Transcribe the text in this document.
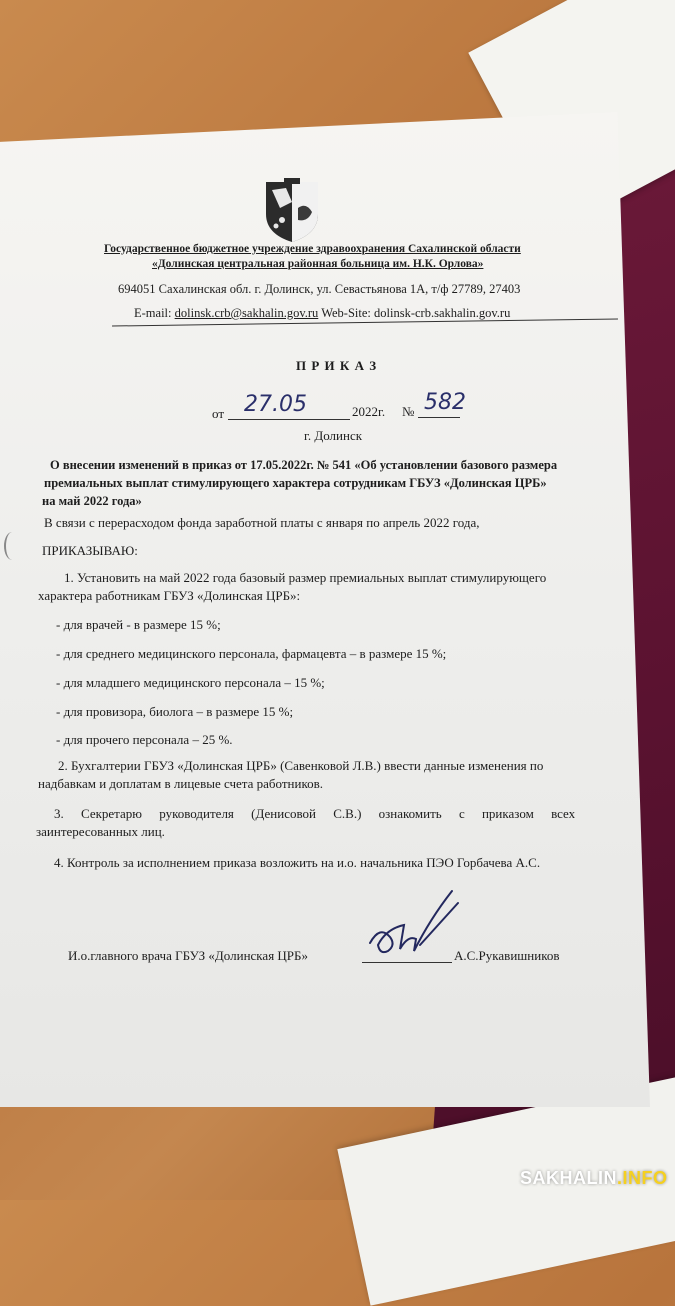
Государственное бюджетное учреждение здравоохранения Сахалинской области
«Долинская центральная районная больница им. Н.К. Орлова»
694051 Сахалинская обл. г. Долинск, ул. Севастьянова 1А, т/ф 27789, 27403
E-mail: dolinsk.crb@sakhalin.gov.ru Web-Site: dolinsk-crb.sakhalin.gov.ru
П Р И К А З
от 27.05	2022г. № 582
г. Долинск
О внесении изменений в приказ от 17.05.2022г. № 541 «Об установлении базового размера
премиальных выплат стимулирующего характера сотрудникам ГБУЗ «Долинская ЦРБ»
на май 2022 года»
В связи с перерасходом фонда заработной платы с января по апрель 2022 года,
ПРИКАЗЫВАЮ:
1. Установить на май 2022 года базовый размер премиальных выплат стимулирующего
характера работникам ГБУЗ «Долинская ЦРБ»:
- для врачей - в размере 15 %;
- для среднего медицинского персонала, фармацевта – в размере 15 %;
- для младшего медицинского персонала – 15 %;
- для провизора, биолога – в размере 15 %;
- для прочего персонала – 25 %.
2. Бухгалтерии ГБУЗ «Долинская ЦРБ» (Савенковой Л.В.) ввести данные изменения по
надбавкам и доплатам в лицевые счета работников.
3. Секретарю руководителя (Денисовой С.В.) ознакомить с приказом всех
заинтересованных лиц.
4. Контроль за исполнением приказа возложить на и.о. начальника ПЭО Горбачева А.С.
И.о.главного врача ГБУЗ «Долинская ЦРБ»	А.С.Рукавишников
SAKHALIN.INFO
